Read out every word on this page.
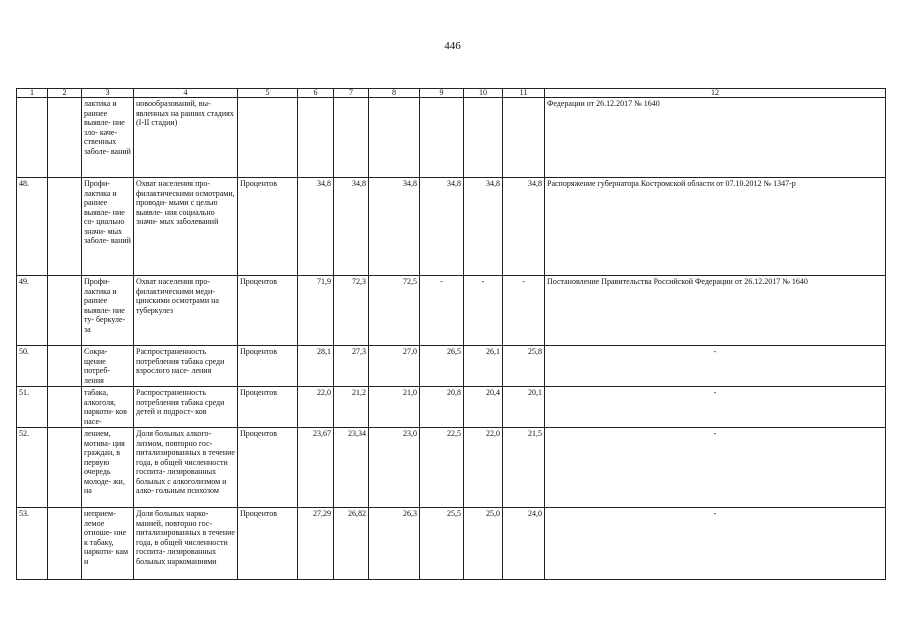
446
1	2	3	4	5	6	7	8	9	10	11	12
		лактика и раннее выявле- ние зло- каче- ственных заболе- ваний	новообразований, вы- явленных на ранних стадиях (I-II стадии)								Федерации от 26.12.2017 № 1640
48.		Профи- лактика и раннее выявле- ние со- циально значи- мых заболе- ваний	Охват населения про- филактическими осмотрами, проводи- мыми с целью выявле- ния социально значи- мых заболеваний	Процентов	34,8	34,8	34,8	34,8	34,8	34,8	Распоряжение губернатора Костромской области от 07.10.2012 № 1347-р
49.		Профи- лактика и раннее выявле- ние ту- беркуле- за	Охват населения про- филактическими меди- цинскими осмотрами на туберкулез	Процентов	71,9	72,3	72,5	-	-	-	Постановление Правительства Российской Федерации от 26.12.2017 № 1640
50.		Сокра- щение потреб- ления	Распространенность потребления табака среди взрослого насе- ления	Процентов	28,1	27,3	27,0	26,5	26,1	25,8	-
51.		табака, алкоголя, наркоти- ков насе-	Распространенность потребления табака среди детей и подрост- ков	Процентов	22,0	21,2	21,0	20,8	20,4	20,1	-
52.		лением, мотива- ция граждан, в первую очередь молоде- жи, на	Доля больных алкого- лизмом, повторно гос- питализированных в течение года, в общей численности госпита- лизированных больных с алкоголизмом и алко- гольным психозом	Процентов	23,67	23,34	23,0	22,5	22,0	21,5	-
53.		неприем- лемое отноше- ние к табаку, наркоти- кам и	Доля больных нарко- манией, повторно гос- питализированных в течение года, в общей численности госпита- лизированных больных наркоманиями	Процентов	27,29	26,82	26,3	25,5	25,0	24,0	-
